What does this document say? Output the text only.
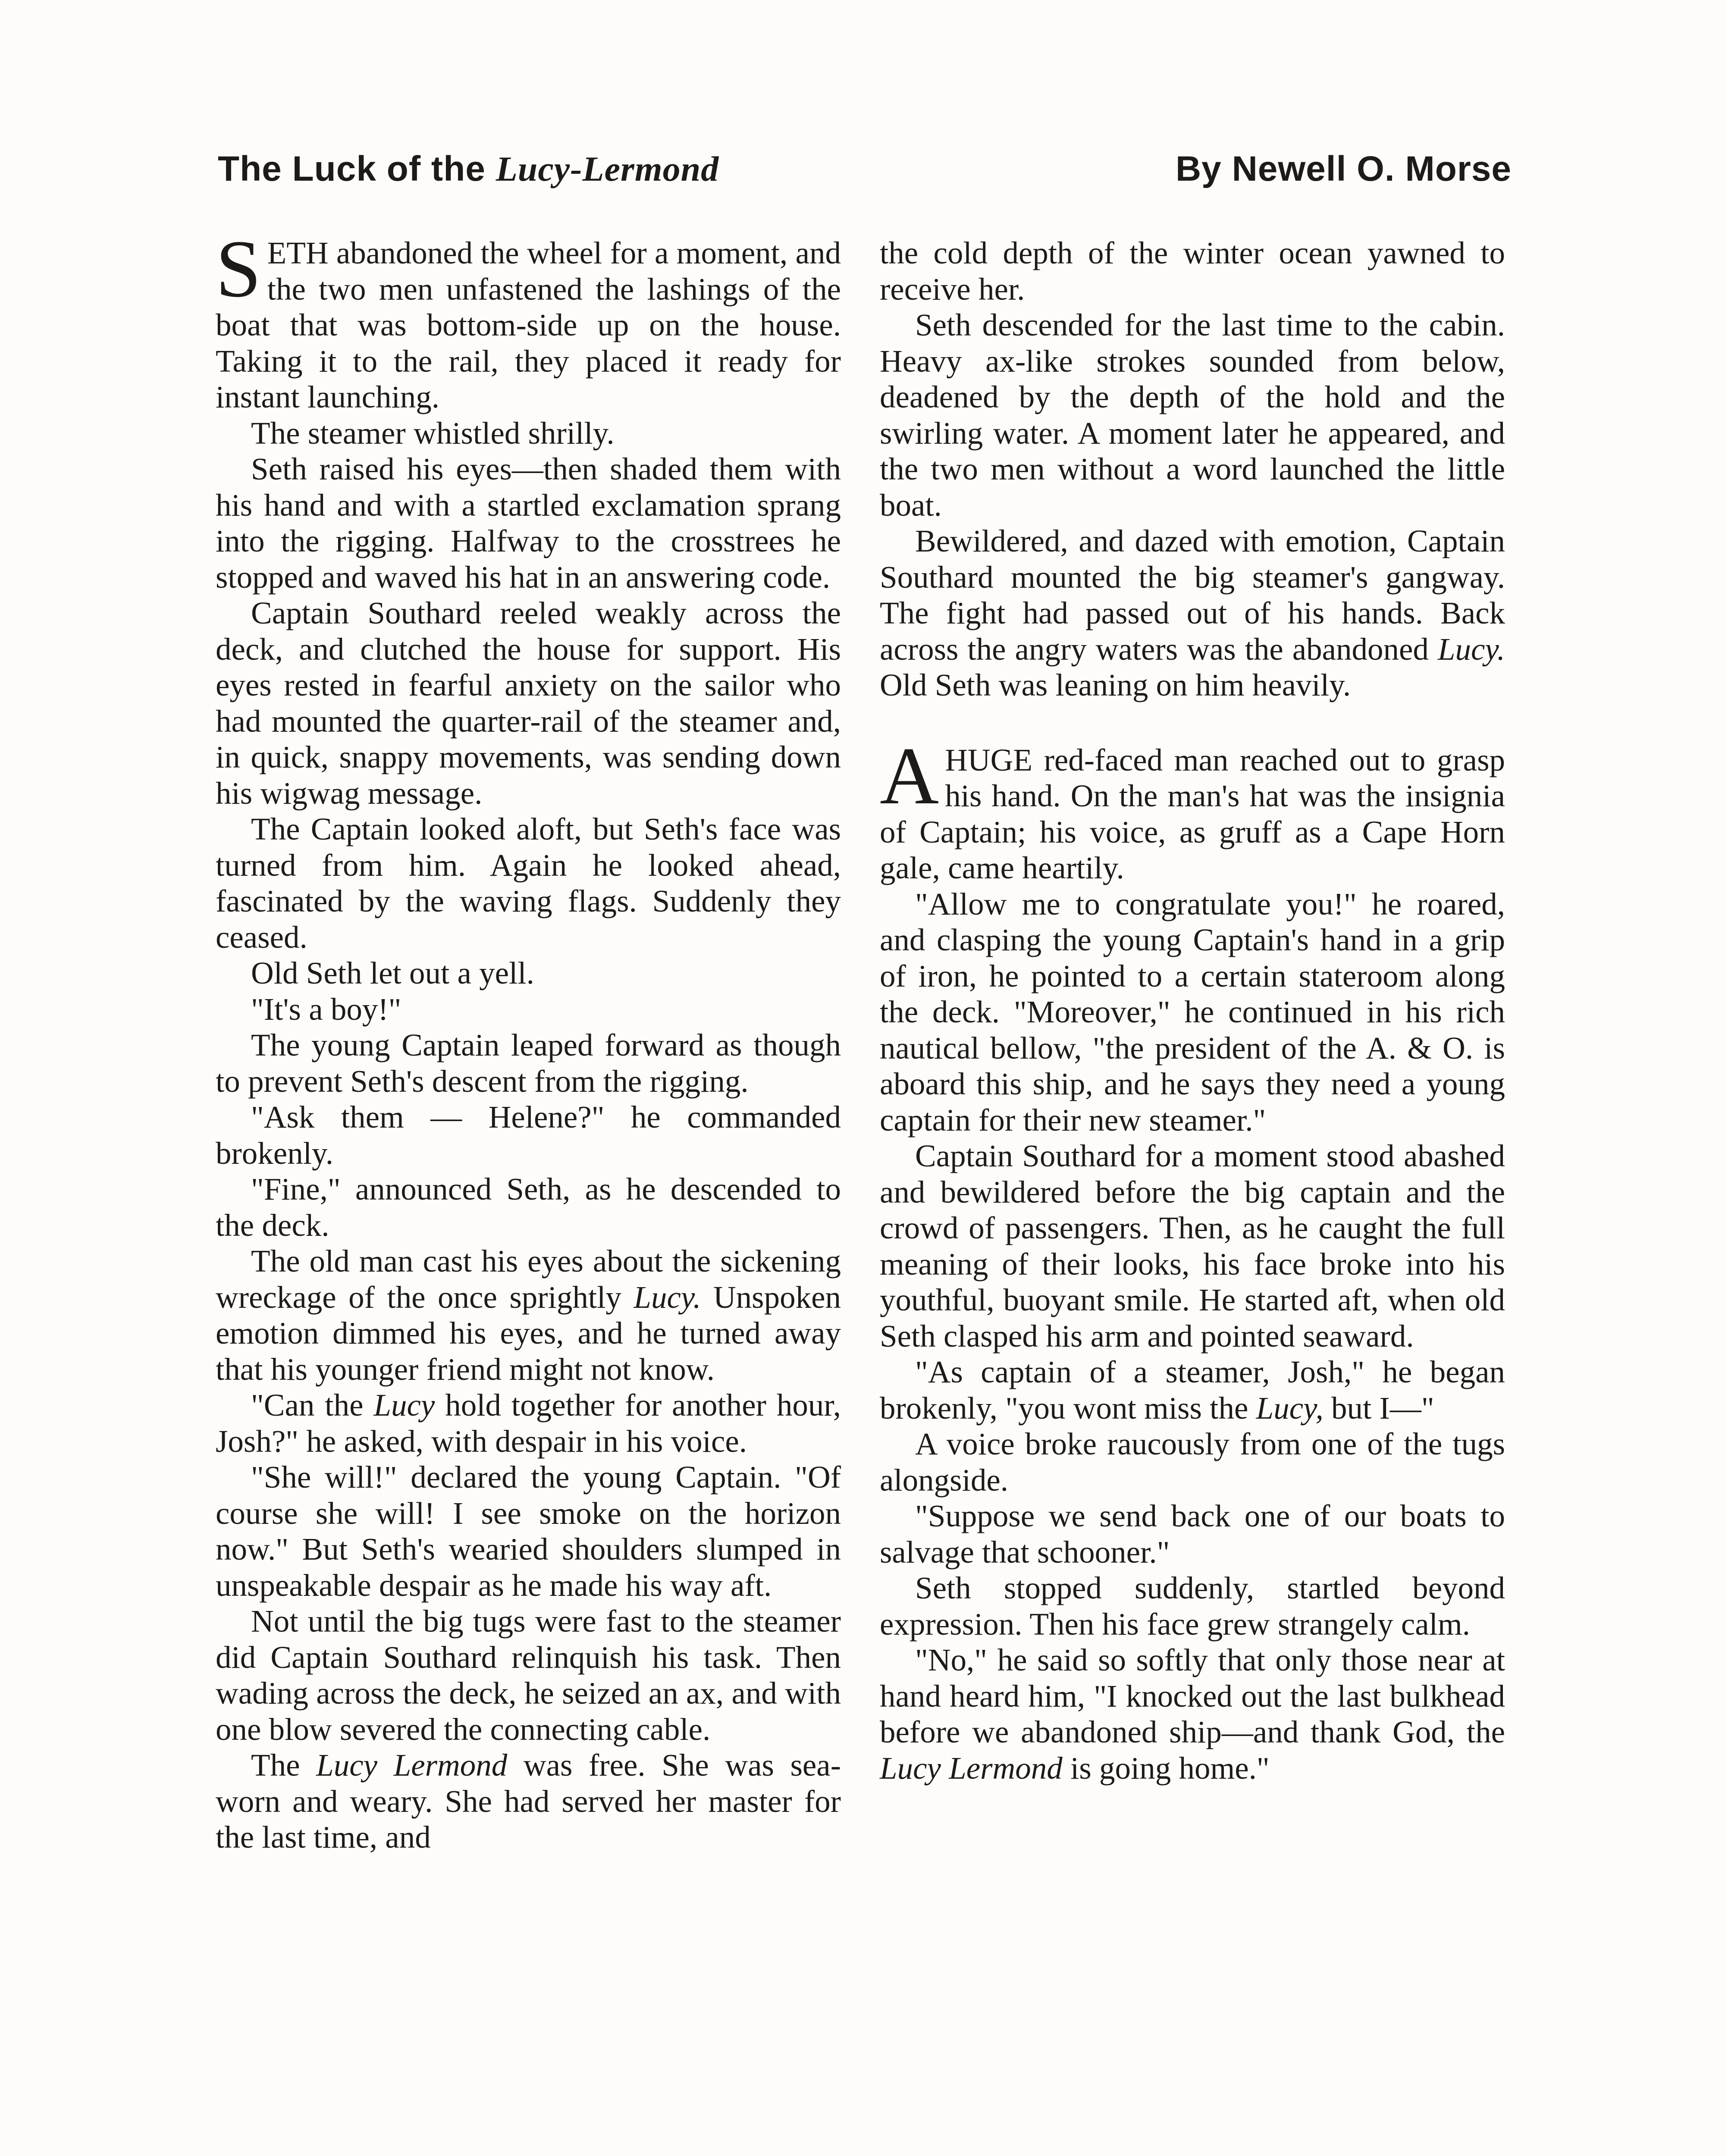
The Luck of the Lucy-Lermond	By Newell O. Morse

SETH abandoned the wheel for a moment, and the two men unfastened the lashings of the boat that was bottom-side up on the house. Taking it to the rail, they placed it ready for instant launching.

The steamer whistled shrilly.

Seth raised his eyes—then shaded them with his hand and with a startled exclamation sprang into the rigging. Halfway to the crosstrees he stopped and waved his hat in an answering code.

Captain Southard reeled weakly across the deck, and clutched the house for support. His eyes rested in fearful anxiety on the sailor who had mounted the quarter-rail of the steamer and, in quick, snappy movements, was sending down his wigwag message.

The Captain looked aloft, but Seth's face was turned from him. Again he looked ahead, fascinated by the waving flags. Suddenly they ceased.

Old Seth let out a yell.

"It's a boy!"

The young Captain leaped forward as though to prevent Seth's descent from the rigging.

"Ask them — Helene?" he commanded brokenly.

"Fine," announced Seth, as he descended to the deck.

The old man cast his eyes about the sickening wreckage of the once sprightly Lucy. Unspoken emotion dimmed his eyes, and he turned away that his younger friend might not know.

"Can the Lucy hold together for another hour, Josh?" he asked, with despair in his voice.

"She will!" declared the young Captain. "Of course she will! I see smoke on the horizon now." But Seth's wearied shoulders slumped in unspeakable despair as he made his way aft.

Not until the big tugs were fast to the steamer did Captain Southard relinquish his task. Then wading across the deck, he seized an ax, and with one blow severed the connecting cable.

The Lucy Lermond was free. She was sea-worn and weary. She had served her master for the last time, and

the cold depth of the winter ocean yawned to receive her.

Seth descended for the last time to the cabin. Heavy ax-like strokes sounded from below, deadened by the depth of the hold and the swirling water. A moment later he appeared, and the two men without a word launched the little boat.

Bewildered, and dazed with emotion, Captain Southard mounted the big steamer's gangway. The fight had passed out of his hands. Back across the angry waters was the abandoned Lucy. Old Seth was leaning on him heavily.

AHUGE red-faced man reached out to grasp his hand. On the man's hat was the insignia of Captain; his voice, as gruff as a Cape Horn gale, came heartily.

"Allow me to congratulate you!" he roared, and clasping the young Captain's hand in a grip of iron, he pointed to a certain stateroom along the deck. "Moreover," he continued in his rich nautical bellow, "the president of the A. & O. is aboard this ship, and he says they need a young captain for their new steamer."

Captain Southard for a moment stood abashed and bewildered before the big captain and the crowd of passengers. Then, as he caught the full meaning of their looks, his face broke into his youthful, buoyant smile. He started aft, when old Seth clasped his arm and pointed seaward.

"As captain of a steamer, Josh," he began brokenly, "you wont miss the Lucy, but I—"

A voice broke raucously from one of the tugs alongside.

"Suppose we send back one of our boats to salvage that schooner."

Seth stopped suddenly, startled beyond expression. Then his face grew strangely calm.

"No," he said so softly that only those near at hand heard him, "I knocked out the last bulkhead before we abandoned ship—and thank God, the Lucy Lermond is going home."
